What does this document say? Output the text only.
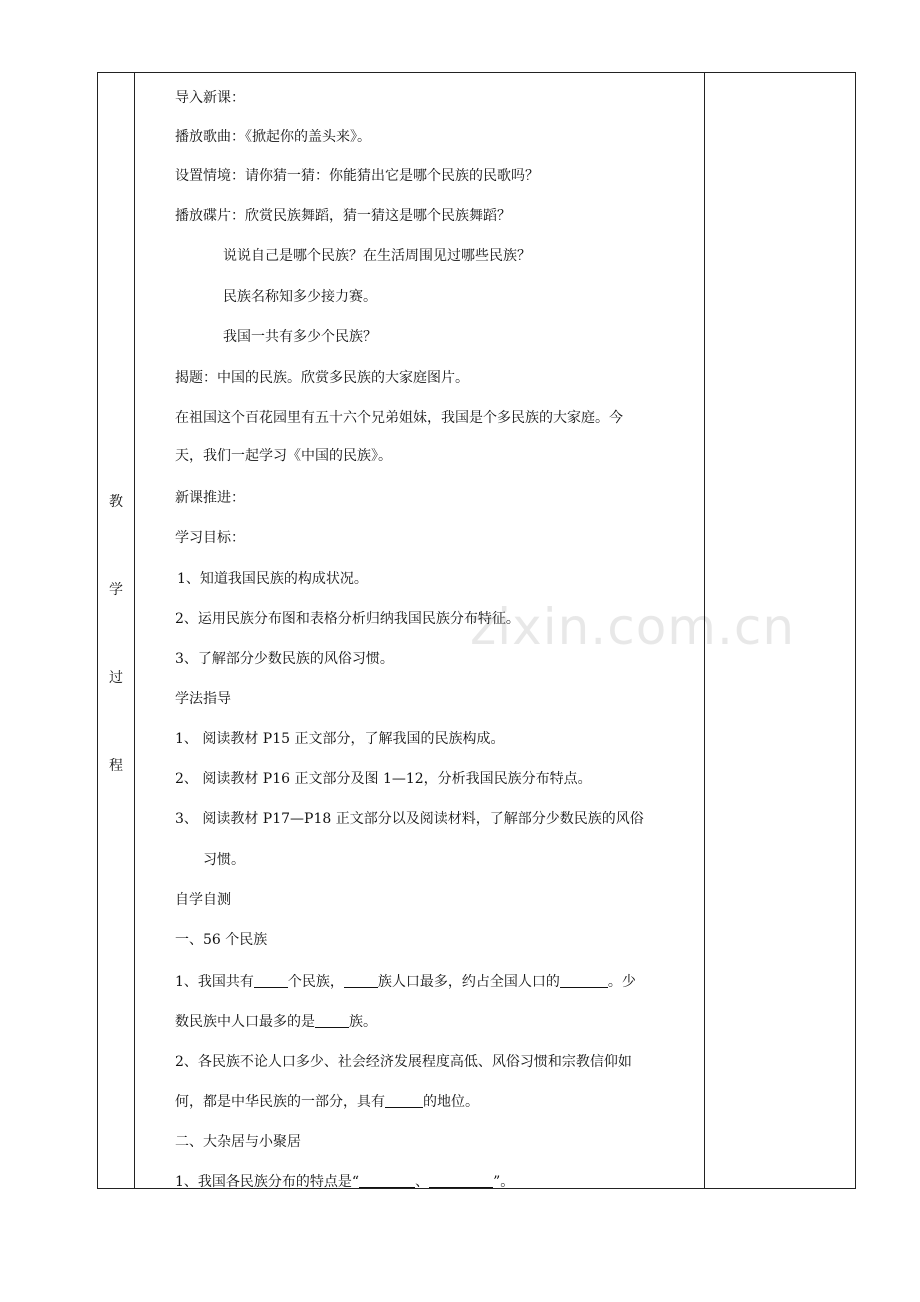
教
学
过
程
导入新课：
播放歌曲：《掀起你的盖头来》。
设置情境：请你猜一猜：你能猜出它是哪个民族的民歌吗？
播放碟片：欣赏民族舞蹈，猜一猜这是哪个民族舞蹈？
说说自己是哪个民族？在生活周围见过哪些民族？
民族名称知多少接力赛。
我国一共有多少个民族？
揭题：中国的民族。欣赏多民族的大家庭图片。
在祖国这个百花园里有五十六个兄弟姐妹，我国是个多民族的大家庭。今
天，我们一起学习《中国的民族》。
新课推进：
学习目标：
1、知道我国民族的构成状况。
2、运用民族分布图和表格分析归纳我国民族分布特征。
3、了解部分少数民族的风俗习惯。
学法指导
1、 阅读教材 P15 正文部分，了解我国的民族构成。
2、 阅读教材 P16 正文部分及图 1—12，分析我国民族分布特点。
3、 阅读教材 P17—P18 正文部分以及阅读材料，了解部分少数民族的风俗
习惯。
自学自测
一、56 个民族
1、我国共有 个民族， 族人口最多，约占全国人口的	。少
数民族中人口最多的是 族。
2、各民族不论人口多少、社会经济发展程度高低、风俗习惯和宗教信仰如
何，都是中华民族的一部分，具有	的地位。
二、大杂居与小聚居
1、我国各民族分布的特点是“	、	”。
zixin.com.cn
